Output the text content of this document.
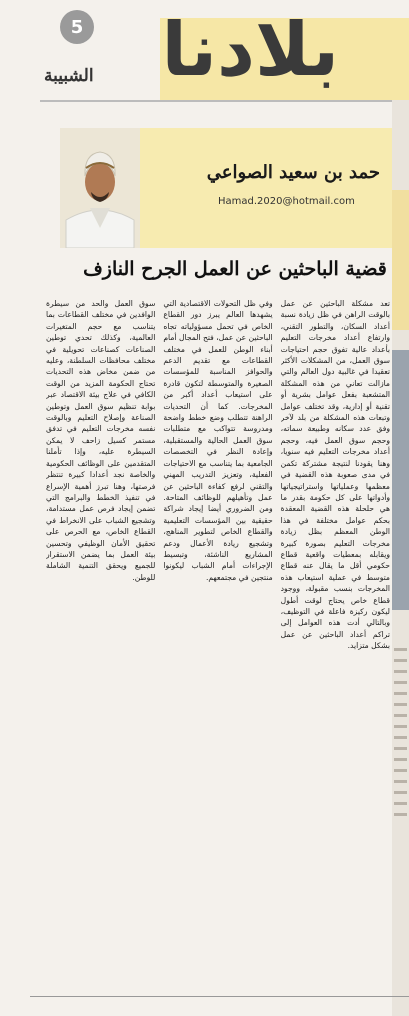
5
الشبيبة بلادنا
حمد بن سعيد الصواعي
Hamad.2020@hotmail.com
قضية الباحثين عن العمل الجرح النازف
تعد مشكلة الباحثين عن عمل بالوقت الراهن في ظل زيادة نسبة أعداد السكان، والتطور التقني، وارتفاع أعداد مخرجات التعليم بأعداد عالية تفوق حجم احتياجات سوق العمل، من المشكلات الأكثر تعقيدا في غالبية دول العالم والتي مازالت تعاني من هذه المشكلة المتشعبة بفعل عوامل بشرية أو تقنية أو إدارية، وقد تختلف عوامل وتبعات هذه المشكلة من بلد لآخر وفق عدد سكانه وطبيعة سماته، وحجم سوق العمل فيه، وحجم أعداد مخرجات التعليم فيه سنويا، وهنا يقودنا لنتيجة مشتركة تكمن في مدى صعوبة هذه القضية في معظمها وعملياتها واستراتيجياتها وأدواتها على كل حكومة بقدر ما هي حلحلة هذه القضية المعقدة بحكم عوامل مختلفة في هذا الوطن المعظم بظل زيادة مخرجات التعليم بصورة كبيرة ويقابله بمعطيات واقعية قطاع حكومي أقل ما يقال عنه قطاع متوسط في عملية استيعاب هذه المخرجات بنسب مقبولة، ووجود قطاع خاص يحتاج لوقت أطول ليكون ركيزة فاعلة في التوظيف، وبالتالي أدت هذه العوامل إلى تراكم أعداد الباحثين عن عمل بشكل متزايد.
وفي ظل التحولات الاقتصادية التي يشهدها العالم يبرز دور القطاع الخاص في تحمل مسؤولياته تجاه الباحثين عن عمل، فتح المجال أمام أبناء الوطن للعمل في مختلف القطاعات مع تقديم الدعم والحوافز المناسبة للمؤسسات الصغيرة والمتوسطة لتكون قادرة على استيعاب أعداد أكبر من المخرجات. كما أن التحديات الراهنة تتطلب وضع خطط واضحة ومدروسة تتواكب مع متطلبات سوق العمل الحالية والمستقبلية، وإعادة النظر في التخصصات الجامعية بما يتناسب مع الاحتياجات الفعلية، وتعزيز التدريب المهني والتقني لرفع كفاءة الباحثين عن عمل وتأهيلهم للوظائف المتاحة. ومن الضروري أيضا إيجاد شراكة حقيقية بين المؤسسات التعليمية والقطاع الخاص لتطوير المناهج، وتشجيع ريادة الأعمال ودعم المشاريع الناشئة، وتبسيط الإجراءات أمام الشباب ليكونوا منتجين في مجتمعهم.
سوق العمل والحد من سيطرة الوافدين في مختلف القطاعات بما يتناسب مع حجم المتغيرات العالمية، وكذلك تحدي توطين الصناعات كصناعات تحويلية في مختلف محافظات السلطنة، وعليه من ضمن مخاض هذه التحديات تحتاج الحكومة المزيد من الوقت الكافي في علاج بيئة الاقتصاد عبر بوابة تنظيم سوق العمل وتوطين الصناعة وإصلاح التعليم وبالوقت نفسه مخرجات التعليم في تدفق مستمر كسيل زاحف لا يمكن السيطرة عليه، وإذا تأملنا المتقدمين على الوظائف الحكومية والخاصة نجد أعدادا كبيرة تنتظر فرصتها، وهنا تبرز أهمية الإسراع في تنفيذ الخطط والبرامج التي تضمن إيجاد فرص عمل مستدامة، وتشجيع الشباب على الانخراط في القطاع الخاص، مع الحرص على تحقيق الأمان الوظيفي وتحسين بيئة العمل بما يضمن الاستقرار للجميع ويحقق التنمية الشاملة للوطن.
